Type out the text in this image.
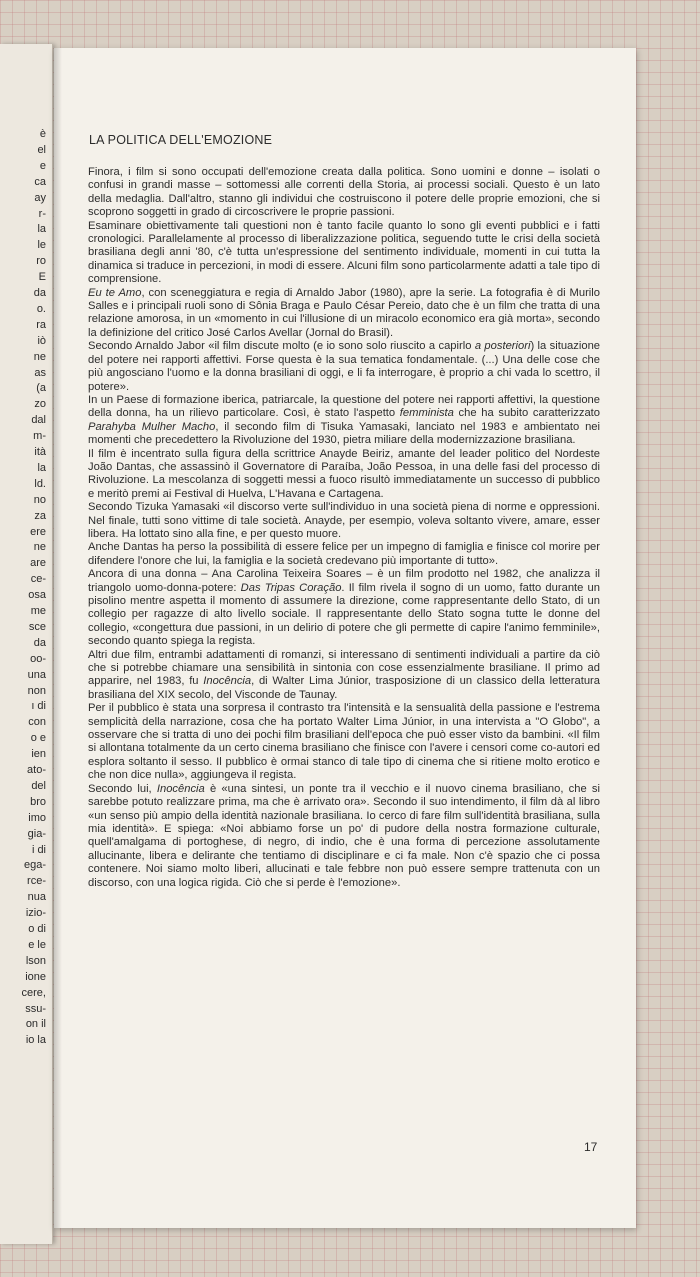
è
el
e
ca
ay
r-
la
le
ro
E
da
o.
ra
iò
ne
as
(a
zo
dal
m-
ità
la
ld.
no
za
ere
ne
are
ce-
osa
me
sce
da
oo-
una
non
ı di
con
o e
ien
ato-
del
bro
imo
gia-
i di
ega-
rce-
nua
izio-
o di
e le
lson
ione
cere,
ssu-
on il
io la
LA POLITICA DELL'EMOZIONE

Finora, i film si sono occupati dell'emozione creata dalla politica. Sono uomini e donne – isolati o confusi in grandi masse – sottomessi alle correnti della Storia, ai processi sociali. Questo è un lato della medaglia. Dall'altro, stanno gli individui che costruiscono il potere delle proprie emozioni, che si scoprono soggetti in grado di circoscrivere le proprie passioni.

Esaminare obiettivamente tali questioni non è tanto facile quanto lo sono gli eventi pubblici e i fatti cronologici. Parallelamente al processo di liberalizzazione politica, seguendo tutte le crisi della società brasiliana degli anni '80, c'è tutta un'espressione del sentimento individuale, momenti in cui tutta la dinamica si traduce in percezioni, in modi di essere. Alcuni film sono particolarmente adatti a tale tipo di comprensione.

Eu te Amo, con sceneggiatura e regia di Arnaldo Jabor (1980), apre la serie. La fotografia è di Murilo Salles e i principali ruoli sono di Sônia Braga e Paulo César Pereio, dato che è un film che tratta di una relazione amorosa, in un «momento in cui l'illusione di un miracolo economico era già morta», secondo la definizione del critico José Carlos Avellar (Jornal do Brasil).

Secondo Arnaldo Jabor «il film discute molto (e io sono solo riuscito a capirlo a posteriori) la situazione del potere nei rapporti affettivi. Forse questa è la sua tematica fondamentale. (...) Una delle cose che più angosciano l'uomo e la donna brasiliani di oggi, e li fa interrogare, è proprio a chi vada lo scettro, il potere».

In un Paese di formazione iberica, patriarcale, la questione del potere nei rapporti affettivi, la questione della donna, ha un rilievo particolare. Così, è stato l'aspetto femminista che ha subito caratterizzato Parahyba Mulher Macho, il secondo film di Tisuka Yamasaki, lanciato nel 1983 e ambientato nei momenti che precedettero la Rivoluzione del 1930, pietra miliare della modernizzazione brasiliana.

Il film è incentrato sulla figura della scrittrice Anayde Beiriz, amante del leader politico del Nordeste João Dantas, che assassinò il Governatore di Paraíba, João Pessoa, in una delle fasi del processo di Rivoluzione. La mescolanza di soggetti messi a fuoco risultò immediatamente un successo di pubblico e meritò premi ai Festival di Huelva, L'Havana e Cartagena.

Secondo Tizuka Yamasaki «il discorso verte sull'individuo in una società piena di norme e oppressioni. Nel finale, tutti sono vittime di tale società. Anayde, per esempio, voleva soltanto vivere, amare, esser libera. Ha lottato sino alla fine, e per questo muore.

Anche Dantas ha perso la possibilità di essere felice per un impegno di famiglia e finisce col morire per difendere l'onore che lui, la famiglia e la società credevano più importante di tutto».

Ancora di una donna – Ana Carolina Teixeira Soares – è un film prodotto nel 1982, che analizza il triangolo uomo-donna-potere: Das Tripas Coração. Il film rivela il sogno di un uomo, fatto durante un pisolino mentre aspetta il momento di assumere la direzione, come rappresentante dello Stato, di un collegio per ragazze di alto livello sociale. Il rappresentante dello Stato sogna tutte le donne del collegio, «congettura due passioni, in un delirio di potere che gli permette di capire l'animo femminile», secondo quanto spiega la regista.

Altri due film, entrambi adattamenti di romanzi, si interessano di sentimenti individuali a partire da ciò che si potrebbe chiamare una sensibilità in sintonia con cose essenzialmente brasiliane. Il primo ad apparire, nel 1983, fu Inocência, di Walter Lima Júnior, trasposizione di un classico della letteratura brasiliana del XIX secolo, del Visconde de Taunay.

Per il pubblico è stata una sorpresa il contrasto tra l'intensità e la sensualità della passione e l'estrema semplicità della narrazione, cosa che ha portato Walter Lima Júnior, in una intervista a "O Globo", a osservare che si tratta di uno dei pochi film brasiliani dell'epoca che può esser visto da bambini. «Il film si allontana totalmente da un certo cinema brasiliano che finisce con l'avere i censori come co-autori ed esplora soltanto il sesso. Il pubblico è ormai stanco di tale tipo di cinema che si ritiene molto erotico e che non dice nulla», aggiungeva il regista.

Secondo lui, Inocência è «una sintesi, un ponte tra il vecchio e il nuovo cinema brasiliano, che si sarebbe potuto realizzare prima, ma che è arrivato ora». Secondo il suo intendimento, il film dà al libro «un senso più ampio della identità nazionale brasiliana. Io cerco di fare film sull'identità brasiliana, sulla mia identità». E spiega: «Noi abbiamo forse un po' di pudore della nostra formazione culturale, quell'amalgama di portoghese, di negro, di indio, che è una forma di percezione assolutamente allucinante, libera e delirante che tentiamo di disciplinare e ci fa male. Non c'è spazio che ci possa contenere. Noi siamo molto liberi, allucinati e tale febbre non può essere sempre trattenuta con un discorso, con una logica rigida. Ciò che si perde è l'emozione».

17
